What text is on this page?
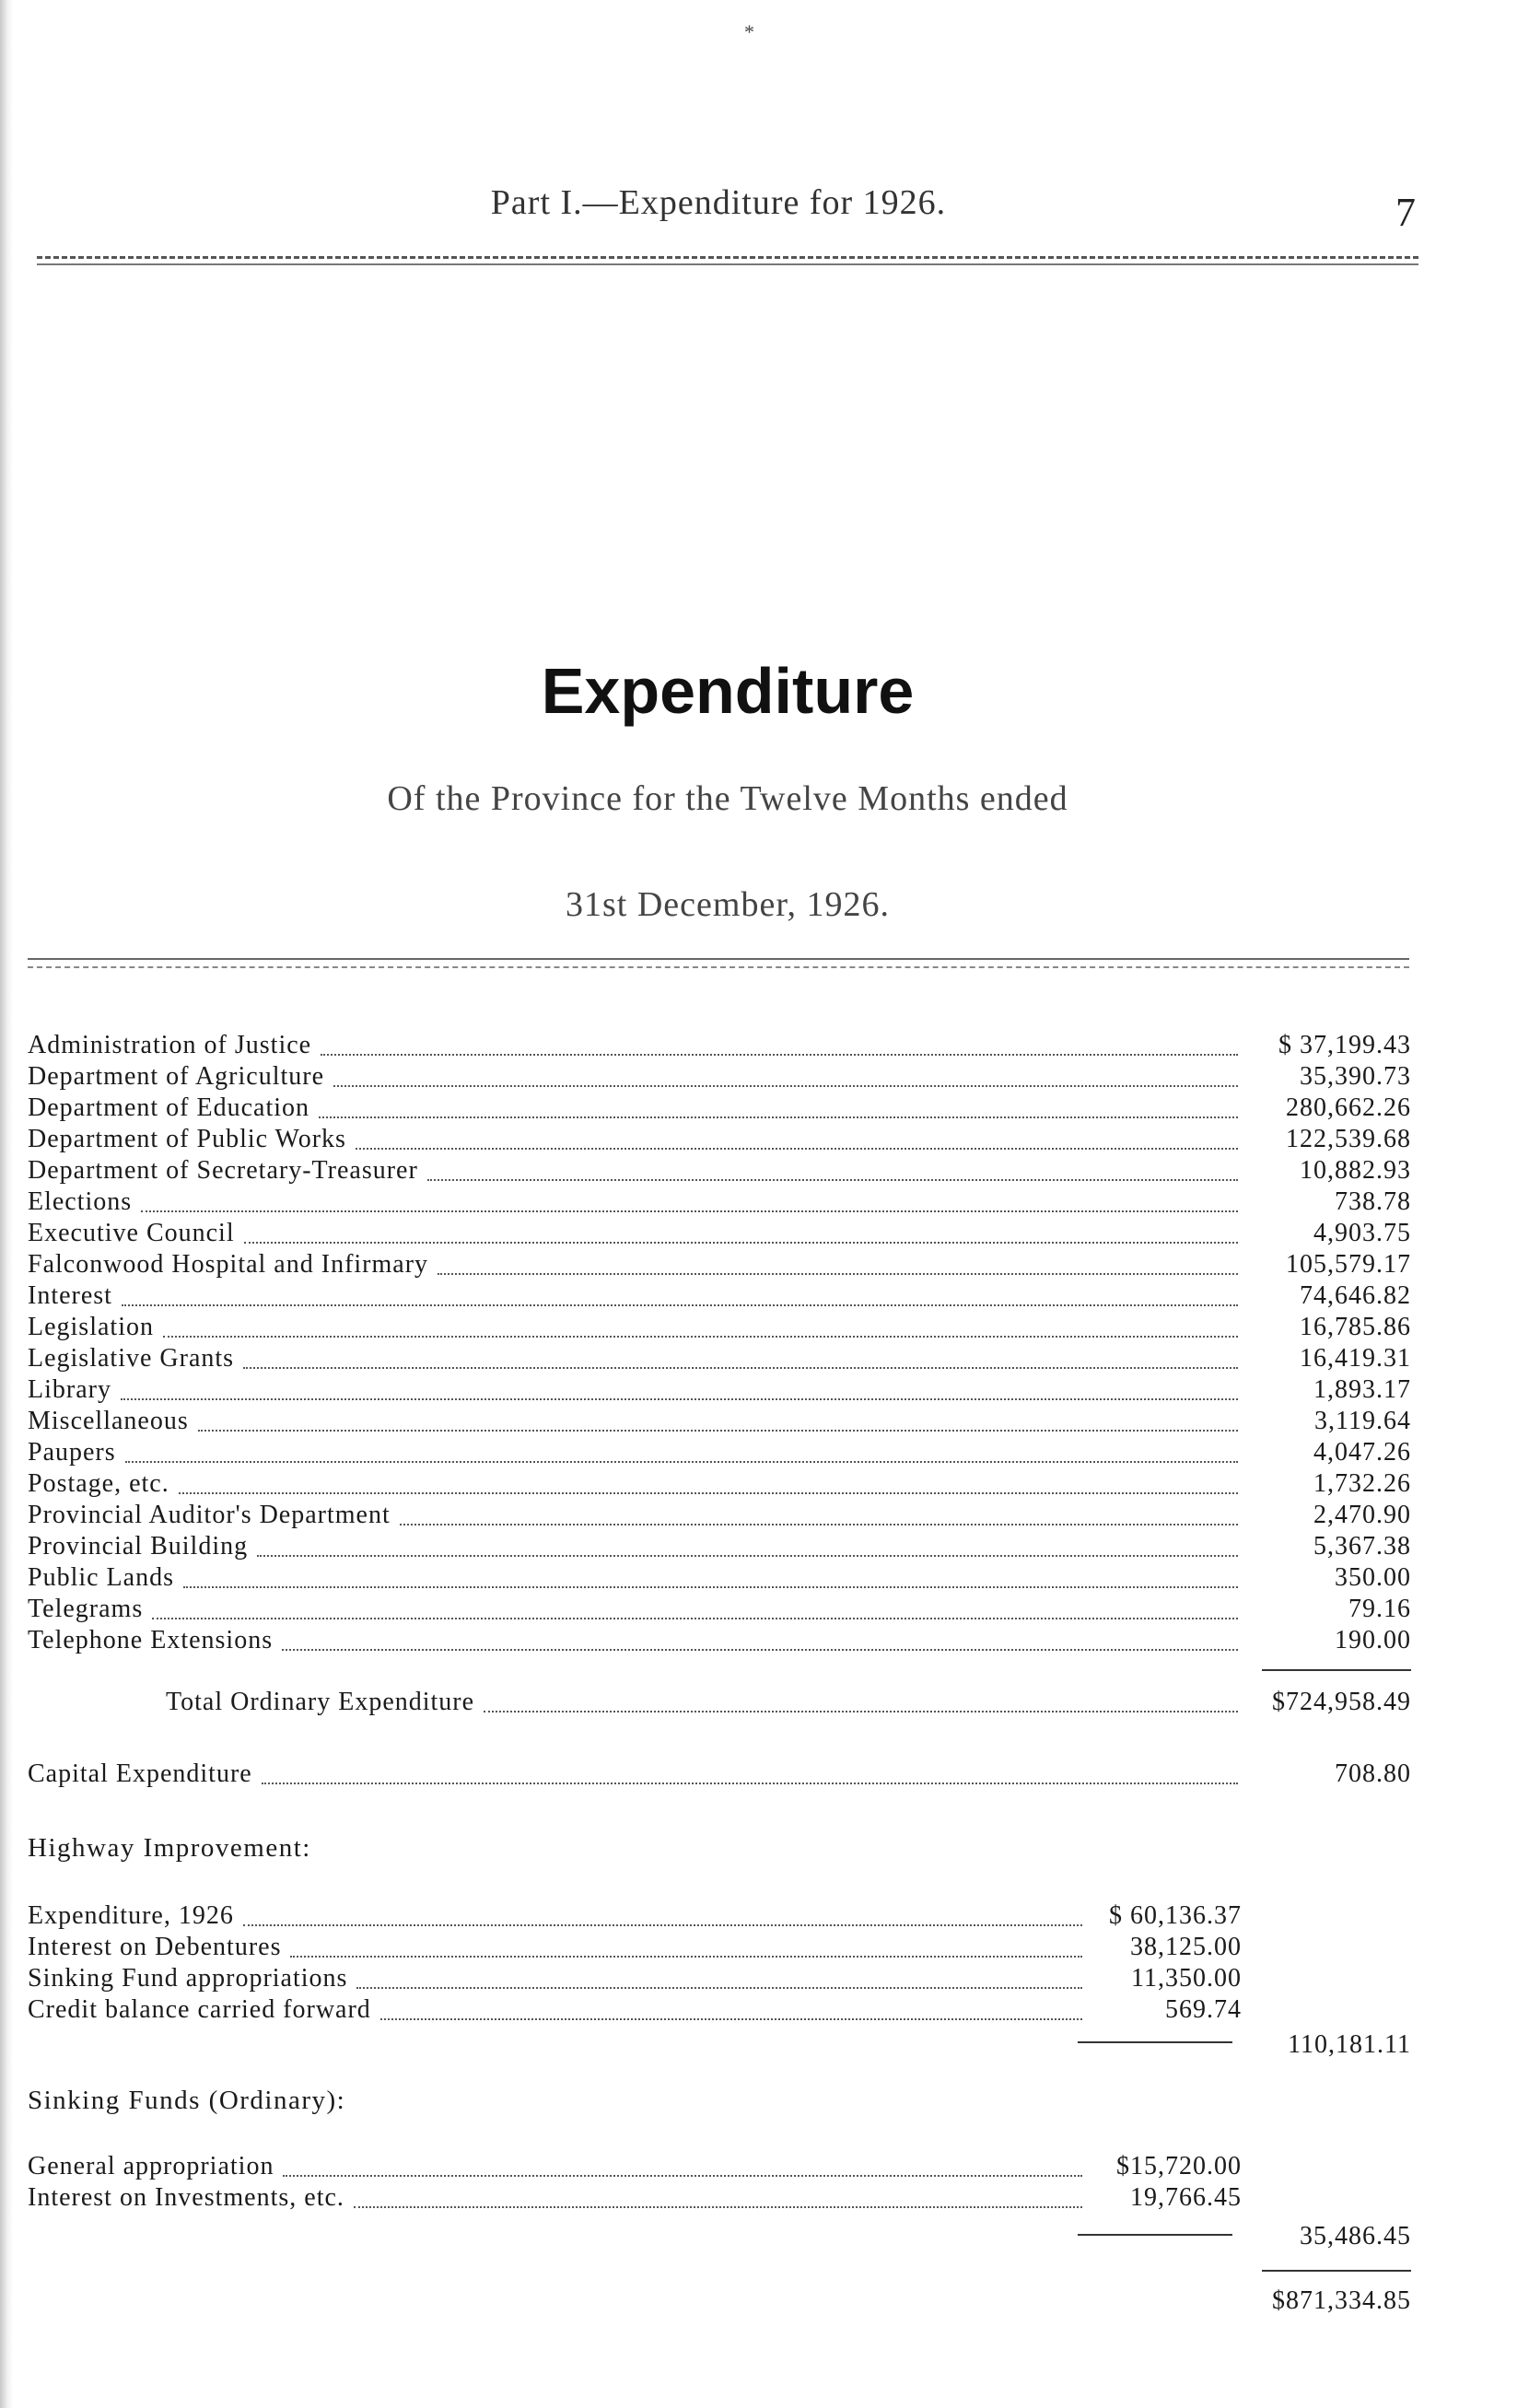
*
Part I.—Expenditure for 1926.	7
Expenditure
Of the Province for the Twelve Months ended
31st December, 1926.
Administration of Justice	$ 37,199.43
Department of Agriculture	35,390.73
Department of Education	280,662.26
Department of Public Works	122,539.68
Department of Secretary-Treasurer	10,882.93
Elections	738.78
Executive Council	4,903.75
Falconwood Hospital and Infirmary	105,579.17
Interest	74,646.82
Legislation	16,785.86
Legislative Grants	16,419.31
Library	1,893.17
Miscellaneous	3,119.64
Paupers	4,047.26
Postage, etc.	1,732.26
Provincial Auditor's Department	2,470.90
Provincial Building	5,367.38
Public Lands	350.00
Telegrams	79.16
Telephone Extensions	190.00
Total Ordinary Expenditure	$724,958.49
Capital Expenditure	708.80
Highway Improvement:
Expenditure, 1926	$ 60,136.37
Interest on Debentures	38,125.00
Sinking Fund appropriations	11,350.00
Credit balance carried forward	569.74
110,181.11
Sinking Funds (Ordinary):
General appropriation	$15,720.00
Interest on Investments, etc.	19,766.45
35,486.45
$871,334.85
